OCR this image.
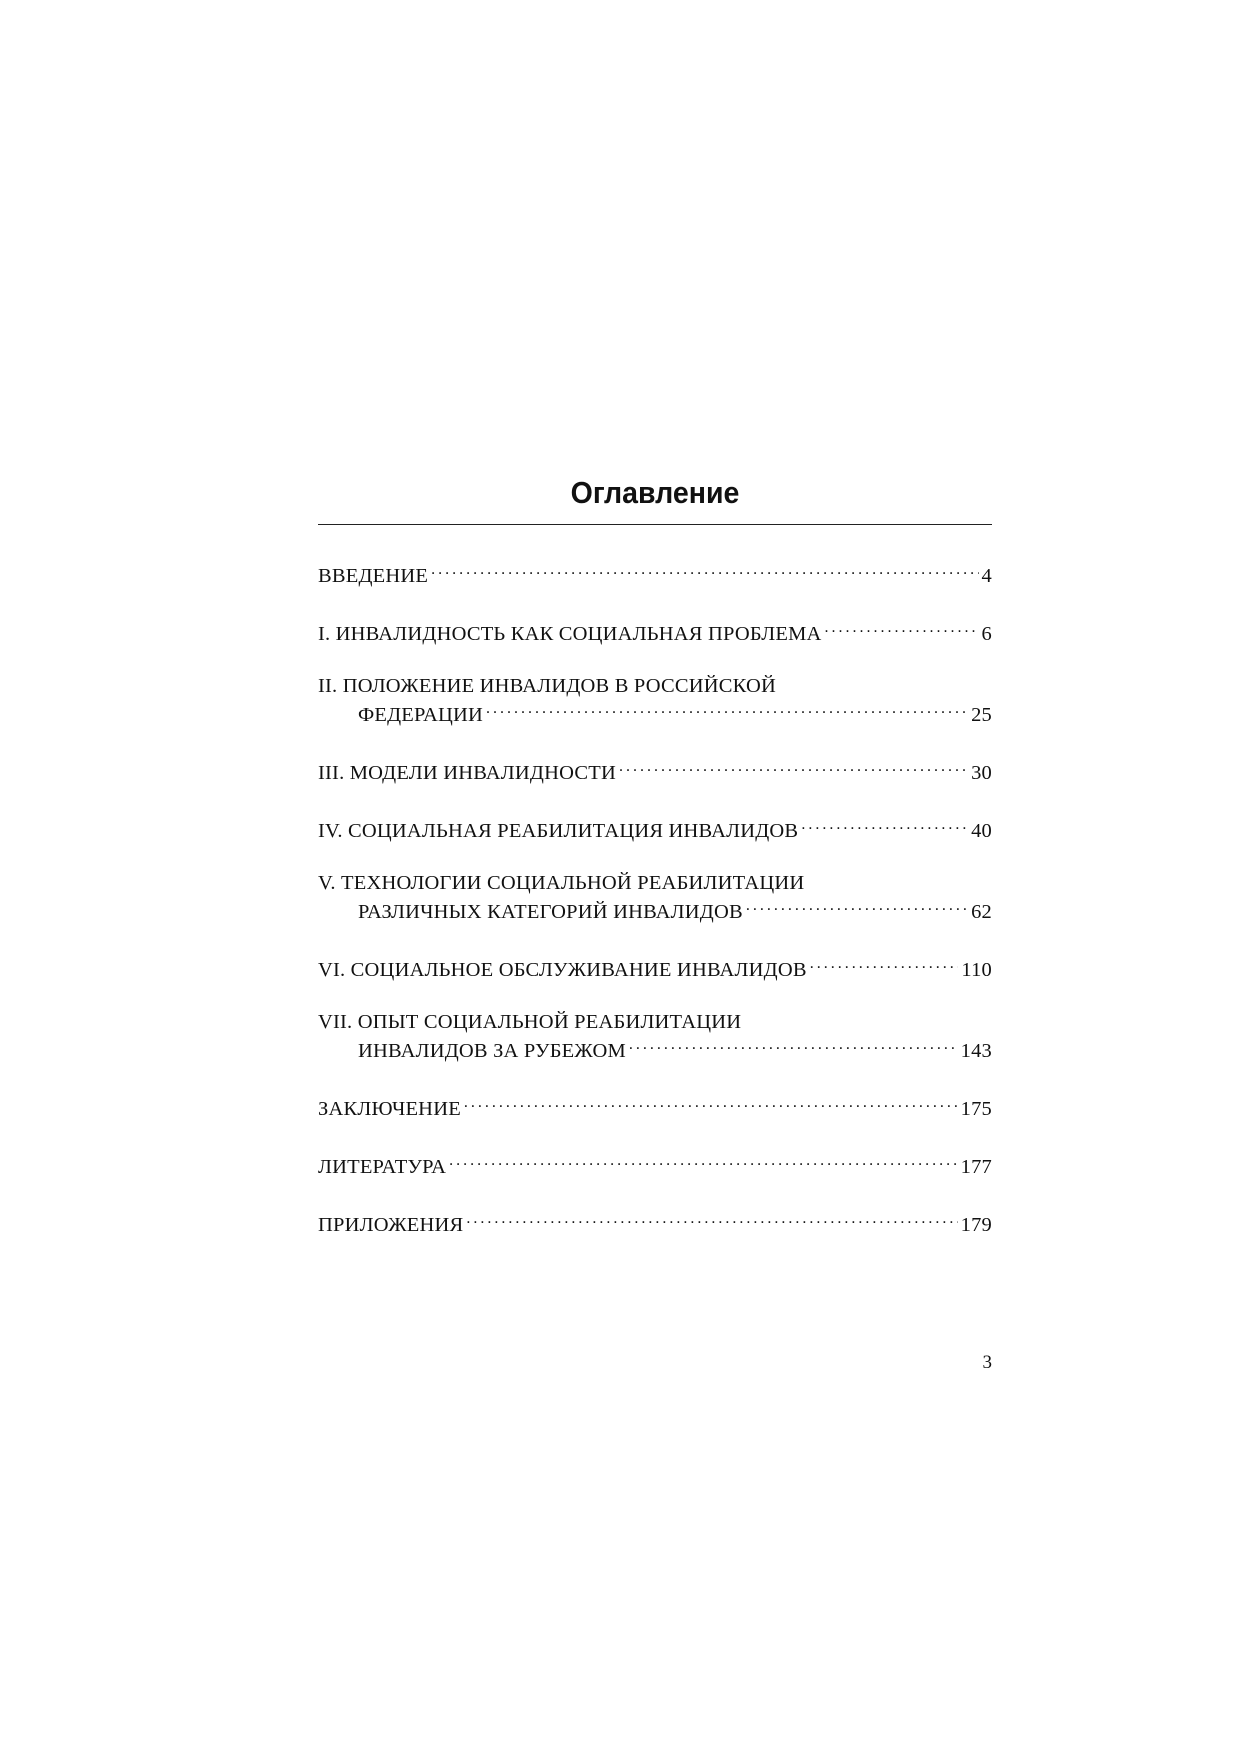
Оглавление
ВВЕДЕНИЕ . . .	4
I. ИНВАЛИДНОСТЬ КАК СОЦИАЛЬНАЯ ПРОБЛЕМА . . .	6
II. ПОЛОЖЕНИЕ ИНВАЛИДОВ В РОССИЙСКОЙ
ФЕДЕРАЦИИ . . .	25
III. МОДЕЛИ ИНВАЛИДНОСТИ . . .	30
IV. СОЦИАЛЬНАЯ РЕАБИЛИТАЦИЯ ИНВАЛИДОВ . . .	40
V. ТЕХНОЛОГИИ СОЦИАЛЬНОЙ РЕАБИЛИТАЦИИ
РАЗЛИЧНЫХ КАТЕГОРИЙ ИНВАЛИДОВ . . .	62
VI. СОЦИАЛЬНОЕ ОБСЛУЖИВАНИЕ ИНВАЛИДОВ . . .	110
VII. ОПЫТ СОЦИАЛЬНОЙ РЕАБИЛИТАЦИИ
ИНВАЛИДОВ ЗА РУБЕЖОМ . . .	143
ЗАКЛЮЧЕНИЕ . . .	175
ЛИТЕРАТУРА . . .	177
ПРИЛОЖЕНИЯ . . .	179
3
